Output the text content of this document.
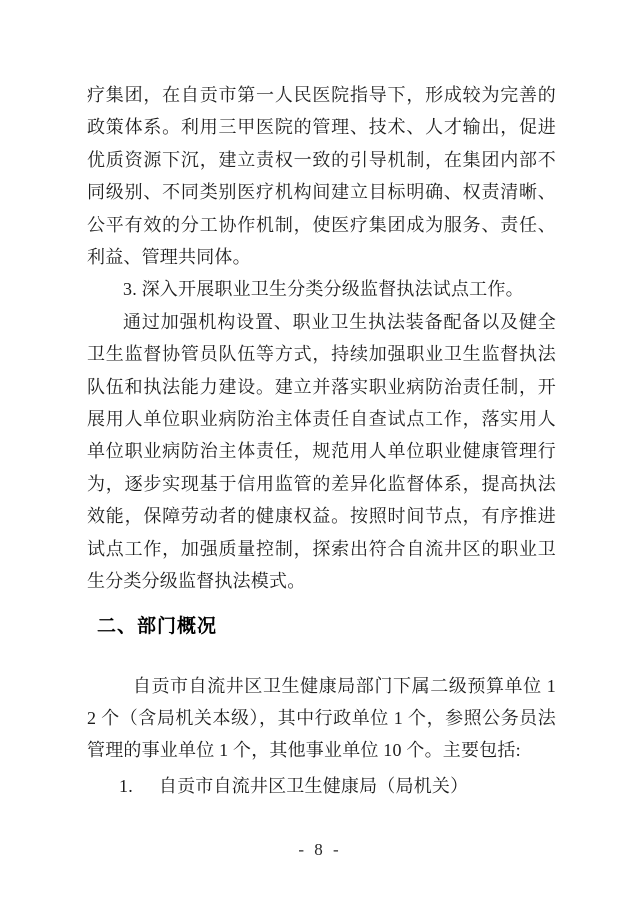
疗集团，在自贡市第一人民医院指导下，形成较为完善的政策体系。利用三甲医院的管理、技术、人才输出，促进优质资源下沉，建立责权一致的引导机制，在集团内部不同级别、不同类别医疗机构间建立目标明确、权责清晰、公平有效的分工协作机制，使医疗集团成为服务、责任、利益、管理共同体。

3. 深入开展职业卫生分类分级监督执法试点工作。

通过加强机构设置、职业卫生执法装备配备以及健全卫生监督协管员队伍等方式，持续加强职业卫生监督执法队伍和执法能力建设。建立并落实职业病防治责任制，开展用人单位职业病防治主体责任自查试点工作，落实用人单位职业病防治主体责任，规范用人单位职业健康管理行为，逐步实现基于信用监管的差异化监督体系，提高执法效能，保障劳动者的健康权益。按照时间节点，有序推进试点工作，加强质量控制，探索出符合自流井区的职业卫生分类分级监督执法模式。

二、部门概况

自贡市自流井区卫生健康局部门下属二级预算单位 12 个（含局机关本级），其中行政单位 1 个，参照公务员法管理的事业单位 1 个，其他事业单位 10 个。主要包括:

1. 自贡市自流井区卫生健康局（局机关）

- 8 -
